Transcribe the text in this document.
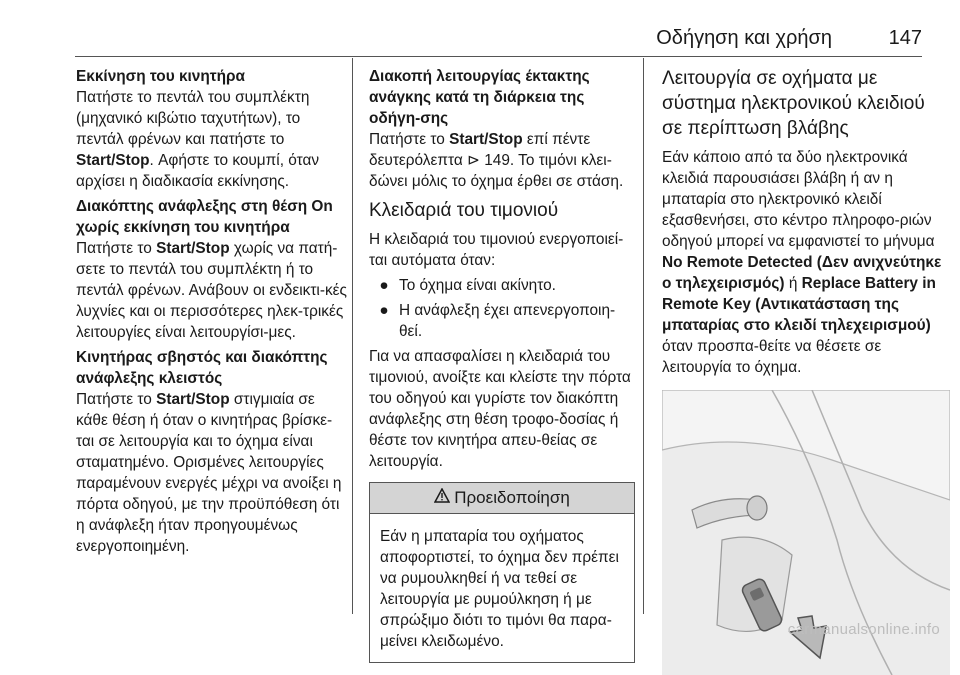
Οδήγηση και χρήση	147

Εκκίνηση του κινητήρα
Πατήστε το πεντάλ του συμπλέκτη (μηχανικό κιβώτιο ταχυτήτων), το πεντάλ φρένων και πατήστε το Start/Stop. Αφήστε το κουμπί, όταν αρχίσει η διαδικασία εκκίνησης.

Διακόπτης ανάφλεξης στη θέση On χωρίς εκκίνηση του κινητήρα
Πατήστε το Start/Stop χωρίς να πατή-σετε το πεντάλ του συμπλέκτη ή το πεντάλ φρένων. Ανάβουν οι ενδεικτι-κές λυχνίες και οι περισσότερες ηλεκ-τρικές λειτουργίες είναι λειτουργίσι-μες.

Κινητήρας σβηστός και διακόπτης ανάφλεξης κλειστός
Πατήστε το Start/Stop στιγμιαία σε κάθε θέση ή όταν ο κινητήρας βρίσκε-ται σε λειτουργία και το όχημα είναι σταματημένο. Ορισμένες λειτουργίες παραμένουν ενεργές μέχρι να ανοίξει η πόρτα οδηγού, με την προϋπόθεση ότι η ανάφλεξη ήταν προηγουμένως ενεργοποιημένη.

Διακοπή λειτουργίας έκτακτης ανάγκης κατά τη διάρκεια της οδήγη-σης
Πατήστε το Start/Stop επί πέντε δευτερόλεπτα ⊳ 149. Το τιμόνι κλει-δώνει μόλις το όχημα έρθει σε στάση.

Κλειδαριά του τιμονιού

Η κλειδαριά του τιμονιού ενεργοποιεί-ται αυτόματα όταν:

● Το όχημα είναι ακίνητο.
● Η ανάφλεξη έχει απενεργοποιη-θεί.

Για να απασφαλίσει η κλειδαριά του τιμονιού, ανοίξτε και κλείστε την πόρτα του οδηγού και γυρίστε τον διακόπτη ανάφλεξης στη θέση τροφο-δοσίας ή θέστε τον κινητήρα απευ-θείας σε λειτουργία.

Προειδοποίηση
Εάν η μπαταρία του οχήματος αποφορτιστεί, το όχημα δεν πρέπει να ρυμουλκηθεί ή να τεθεί σε λειτουργία με ρυμούλκηση ή με σπρώξιμο διότι το τιμόνι θα παρα-μείνει κλειδωμένο.
Λειτουργία σε οχήματα με σύστημα ηλεκτρονικού κλειδιού σε περίπτωση βλάβης

Εάν κάποιο από τα δύο ηλεκτρονικά κλειδιά παρουσιάσει βλάβη ή αν η μπαταρία στο ηλεκτρονικό κλειδί εξασθενήσει, στο κέντρο πληροφο-ριών οδηγού μπορεί να εμφανιστεί το μήνυμα No Remote Detected (Δεν ανιχνεύτηκε ο τηλεχειρισμός) ή Replace Battery in Remote Key (Αντικατάσταση της μπαταρίας στο κλειδί τηλεχειρισμού) όταν προσπα-θείτε να θέσετε σε λειτουργία το όχημα.

carmanualsonline.info
